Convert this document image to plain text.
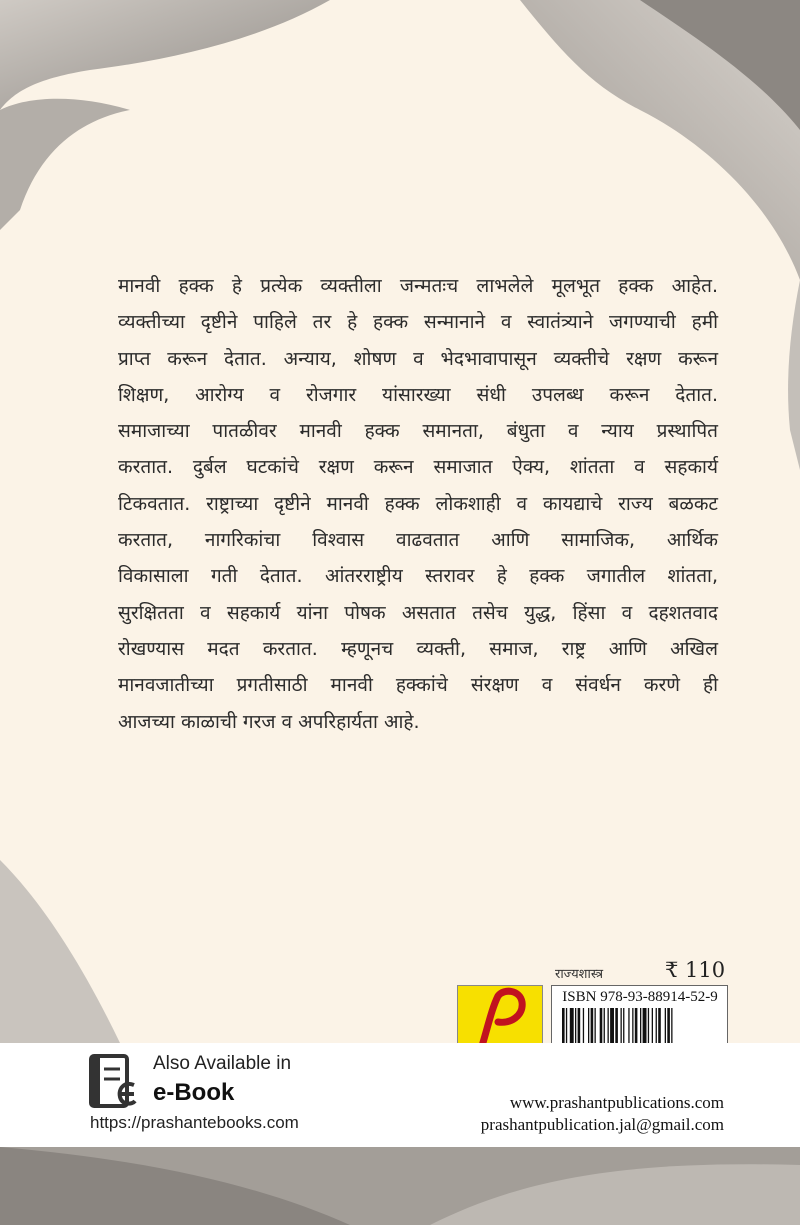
मानवी हक्क हे प्रत्येक व्यक्तीला जन्मतःच लाभलेले मूलभूत हक्क आहेत.
व्यक्तीच्या दृष्टीने पाहिले तर हे हक्क सन्मानाने व स्वातंत्र्याने जगण्याची हमी
प्राप्त करून देतात. अन्याय, शोषण व भेदभावापासून व्यक्तीचे रक्षण करून
शिक्षण, आरोग्य व रोजगार यांसारख्या संधी उपलब्ध करून देतात.
समाजाच्या पातळीवर मानवी हक्क समानता, बंधुता व न्याय प्रस्थापित
करतात. दुर्बल घटकांचे रक्षण करून समाजात ऐक्य, शांतता व सहकार्य
टिकवतात. राष्ट्राच्या दृष्टीने मानवी हक्क लोकशाही व कायद्याचे राज्य बळकट
करतात, नागरिकांचा विश्वास वाढवतात आणि सामाजिक, आर्थिक
विकासाला गती देतात. आंतरराष्ट्रीय स्तरावर हे हक्क जगातील शांतता,
सुरक्षितता व सहकार्य यांना पोषक असतात तसेच युद्ध, हिंसा व दहशतवाद
रोखण्यास मदत करतात. म्हणूनच व्यक्ती, समाज, राष्ट्र आणि अखिल
मानवजातीच्या प्रगतीसाठी मानवी हक्कांचे संरक्षण व संवर्धन करणे ही
आजच्या काळाची गरज व अपरिहार्यता आहे.
राज्यशास्त्र	₹ 110
ISBN 978-93-88914-52-9
Also Available in
e-Book
https://prashantebooks.com
www.prashantpublications.com
prashantpublication.jal@gmail.com
